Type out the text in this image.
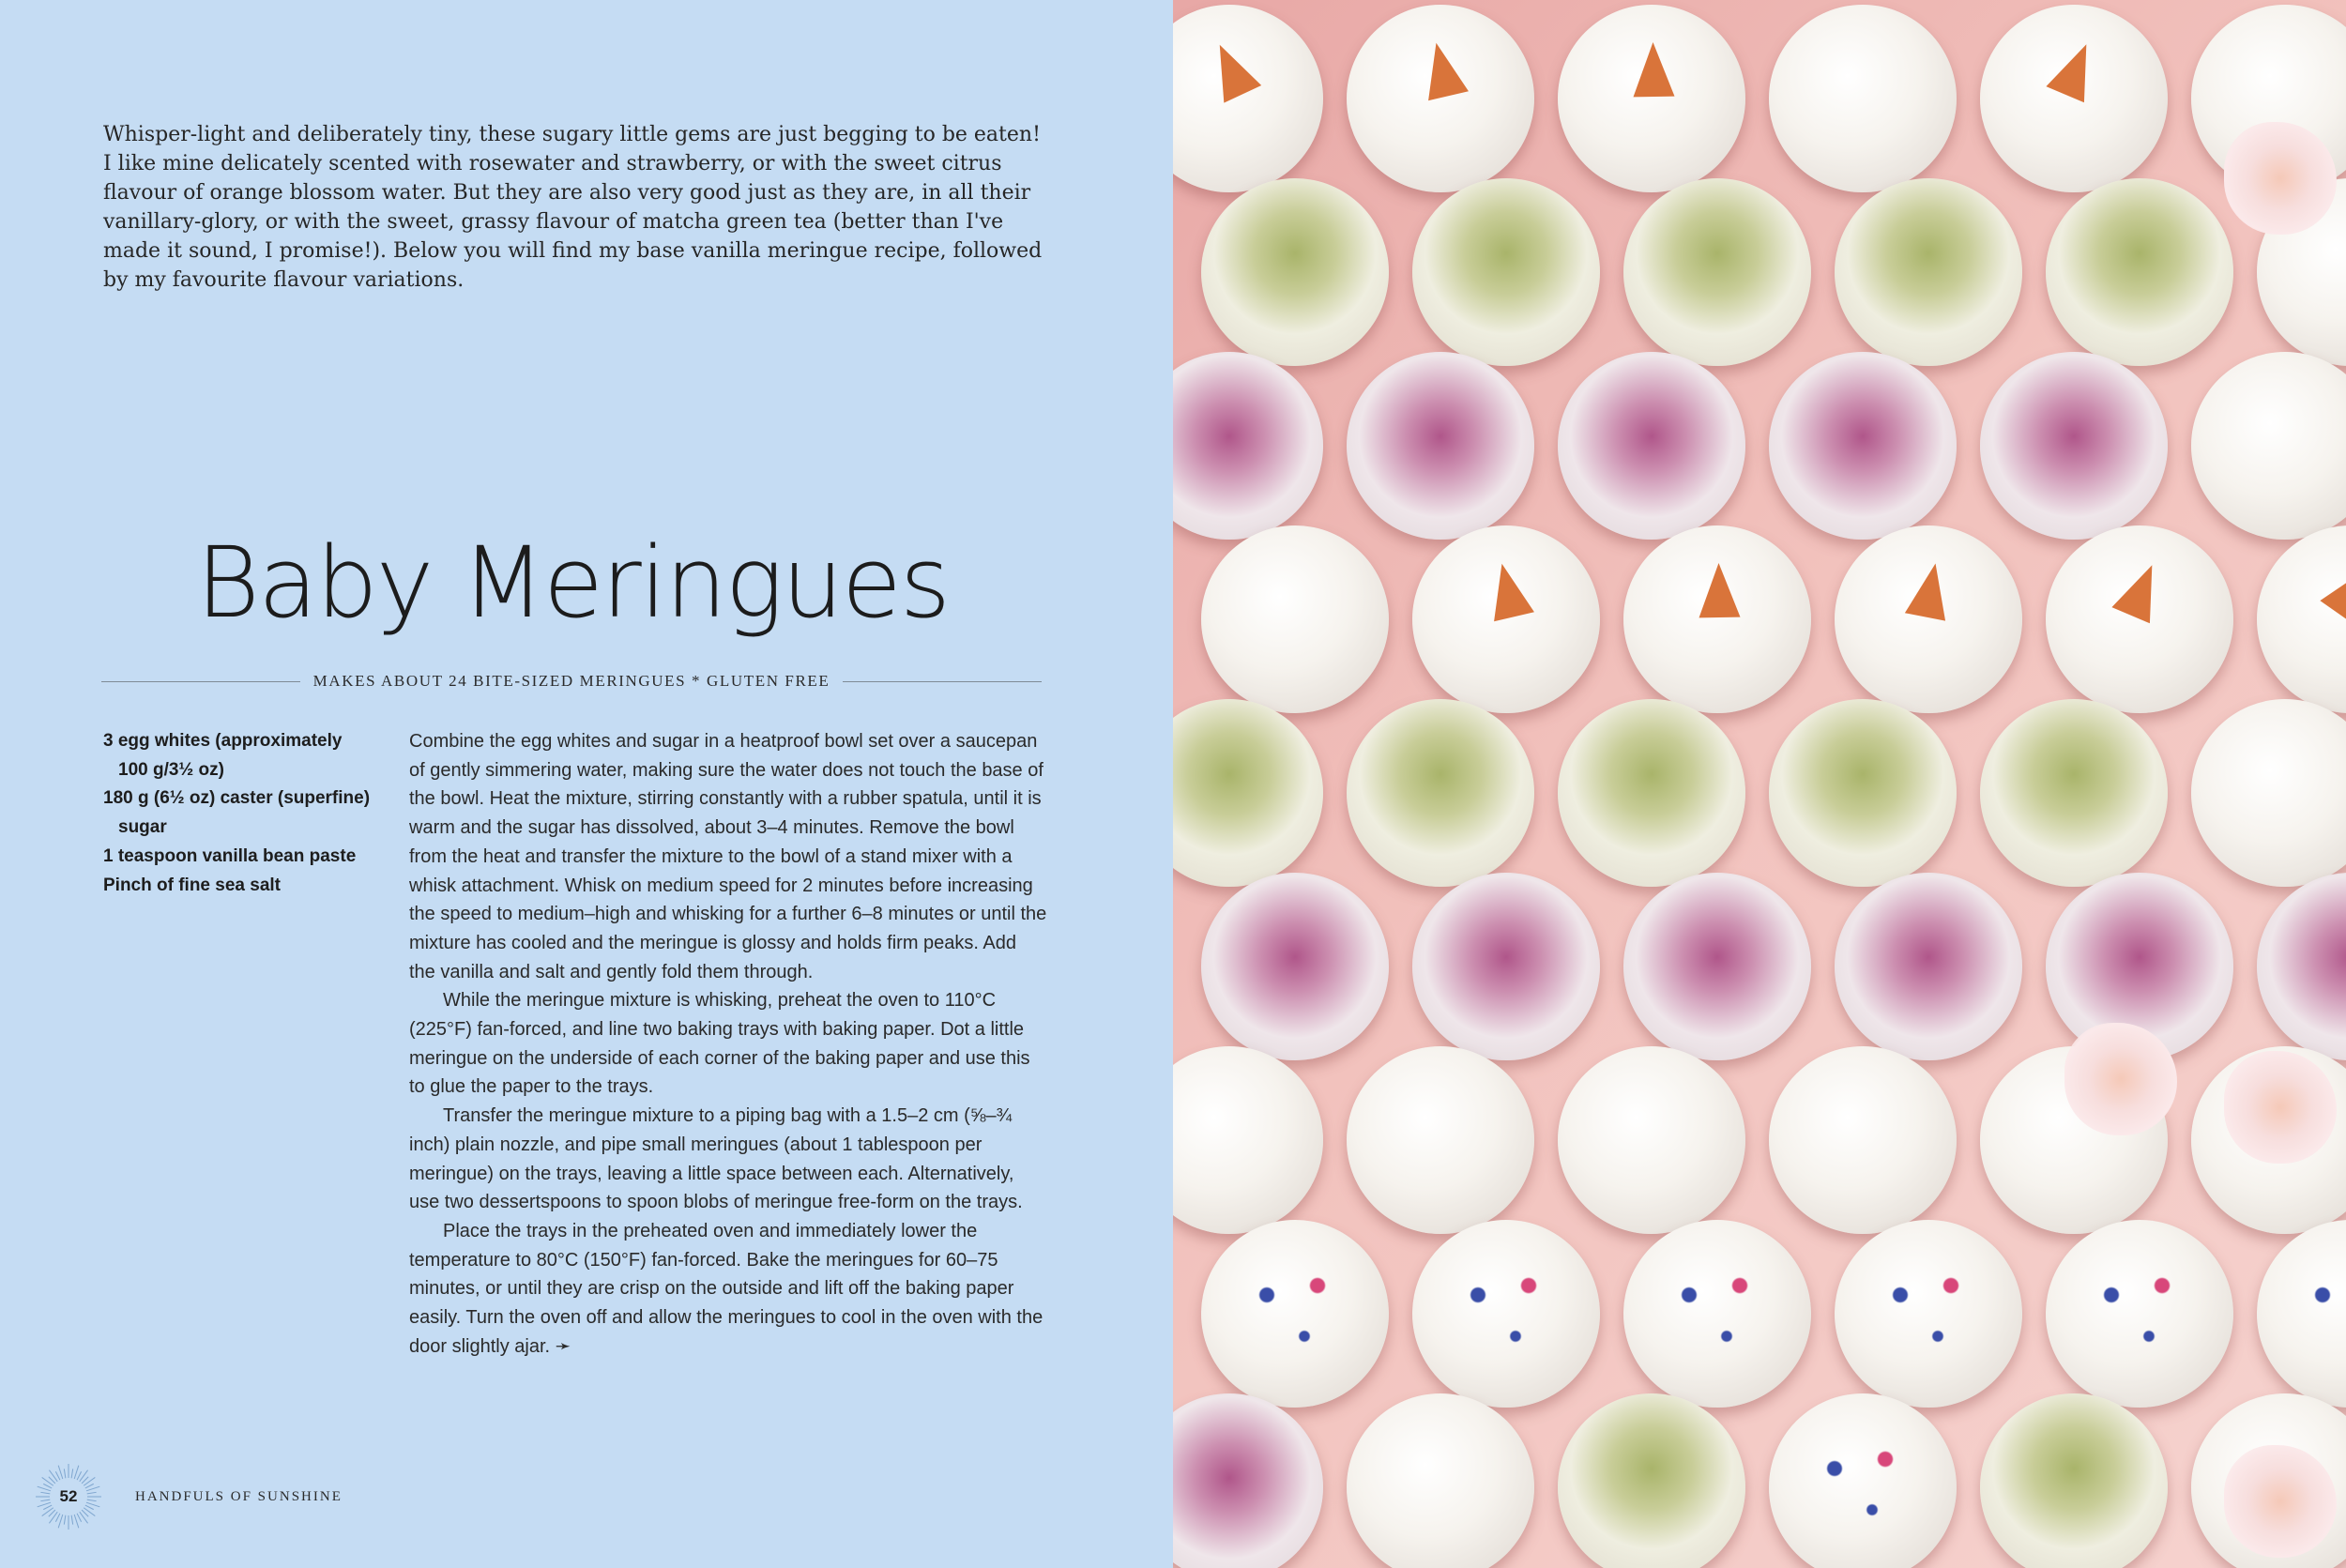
Whisper-light and deliberately tiny, these sugary little gems are just begging to be eaten! I like mine delicately scented with rosewater and strawberry, or with the sweet citrus flavour of orange blossom water. But they are also very good just as they are, in all their vanillary-glory, or with the sweet, grassy flavour of matcha green tea (better than I've made it sound, I promise!). Below you will find my base vanilla meringue recipe, followed by my favourite flavour variations.

Baby Meringues
MAKES ABOUT 24 BITE-SIZED MERINGUES * GLUTEN FREE
3 egg whites (approximately 100 g/3½ oz)
180 g (6½ oz) caster (superfine) sugar
1 teaspoon vanilla bean paste
Pinch of fine sea salt

Combine the egg whites and sugar in a heatproof bowl set over a saucepan of gently simmering water, making sure the water does not touch the base of the bowl. Heat the mixture, stirring constantly with a rubber spatula, until it is warm and the sugar has dissolved, about 3–4 minutes. Remove the bowl from the heat and transfer the mixture to the bowl of a stand mixer with a whisk attachment. Whisk on medium speed for 2 minutes before increasing the speed to medium–high and whisking for a further 6–8 minutes or until the mixture has cooled and the meringue is glossy and holds firm peaks. Add the vanilla and salt and gently fold them through.

While the meringue mixture is whisking, preheat the oven to 110°C (225°F) fan-forced, and line two baking trays with baking paper. Dot a little meringue on the underside of each corner of the baking paper and use this to glue the paper to the trays.

Transfer the meringue mixture to a piping bag with a 1.5–2 cm (⅝–¾ inch) plain nozzle, and pipe small meringues (about 1 tablespoon per meringue) on the trays, leaving a little space between each. Alternatively, use two dessertspoons to spoon blobs of meringue free-form on the trays.

Place the trays in the preheated oven and immediately lower the temperature to 80°C (150°F) fan-forced. Bake the meringues for 60–75 minutes, or until they are crisp on the outside and lift off the baking paper easily. Turn the oven off and allow the meringues to cool in the oven with the door slightly ajar. ➛

52	HANDFULS OF SUNSHINE
